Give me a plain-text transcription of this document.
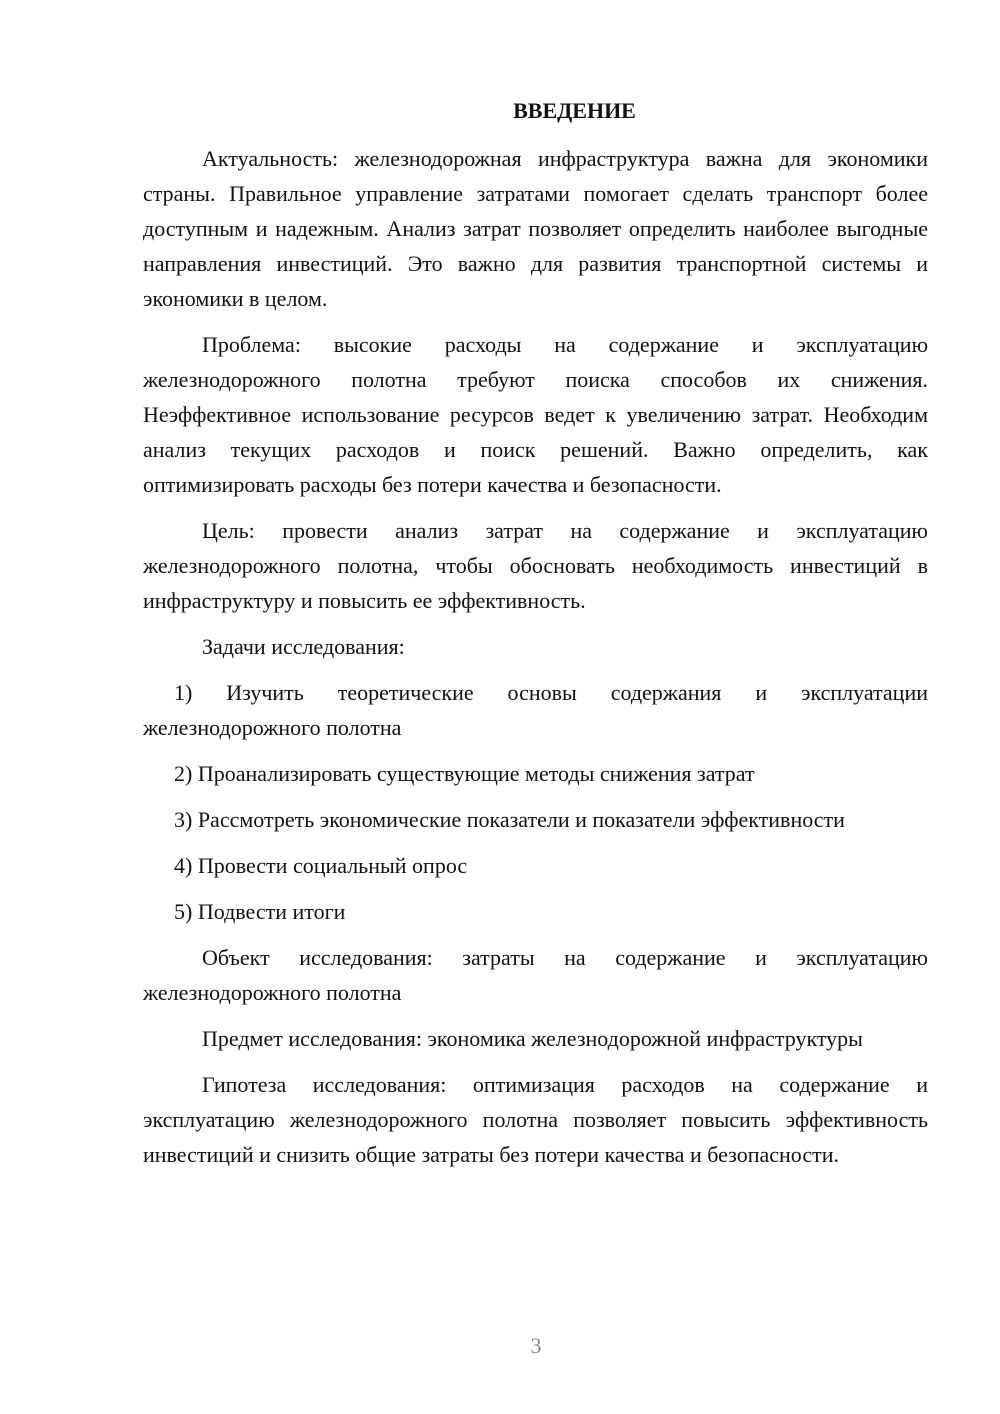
ВВЕДЕНИЕ

Актуальность: железнодорожная инфраструктура важна для экономики страны. Правильное управление затратами помогает сделать транспорт более доступным и надежным. Анализ затрат позволяет определить наиболее выгодные направления инвестиций. Это важно для развития транспортной системы и экономики в целом.

Проблема: высокие расходы на содержание и эксплуатацию железнодорожного полотна требуют поиска способов их снижения. Неэффективное использование ресурсов ведет к увеличению затрат. Необходим анализ текущих расходов и поиск решений. Важно определить, как оптимизировать расходы без потери качества и безопасности.

Цель: провести анализ затрат на содержание и эксплуатацию железнодорожного полотна, чтобы обосновать необходимость инвестиций в инфраструктуру и повысить ее эффективность.

Задачи исследования:

1) Изучить теоретические основы содержания и эксплуатации железнодорожного полотна

2) Проанализировать существующие методы снижения затрат

3) Рассмотреть экономические показатели и показатели эффективности

4) Провести социальный опрос

5) Подвести итоги

Объект исследования: затраты на содержание и эксплуатацию железнодорожного полотна

Предмет исследования: экономика железнодорожной инфраструктуры

Гипотеза исследования: оптимизация расходов на содержание и эксплуатацию железнодорожного полотна позволяет повысить эффективность инвестиций и снизить общие затраты без потери качества и безопасности.

3
